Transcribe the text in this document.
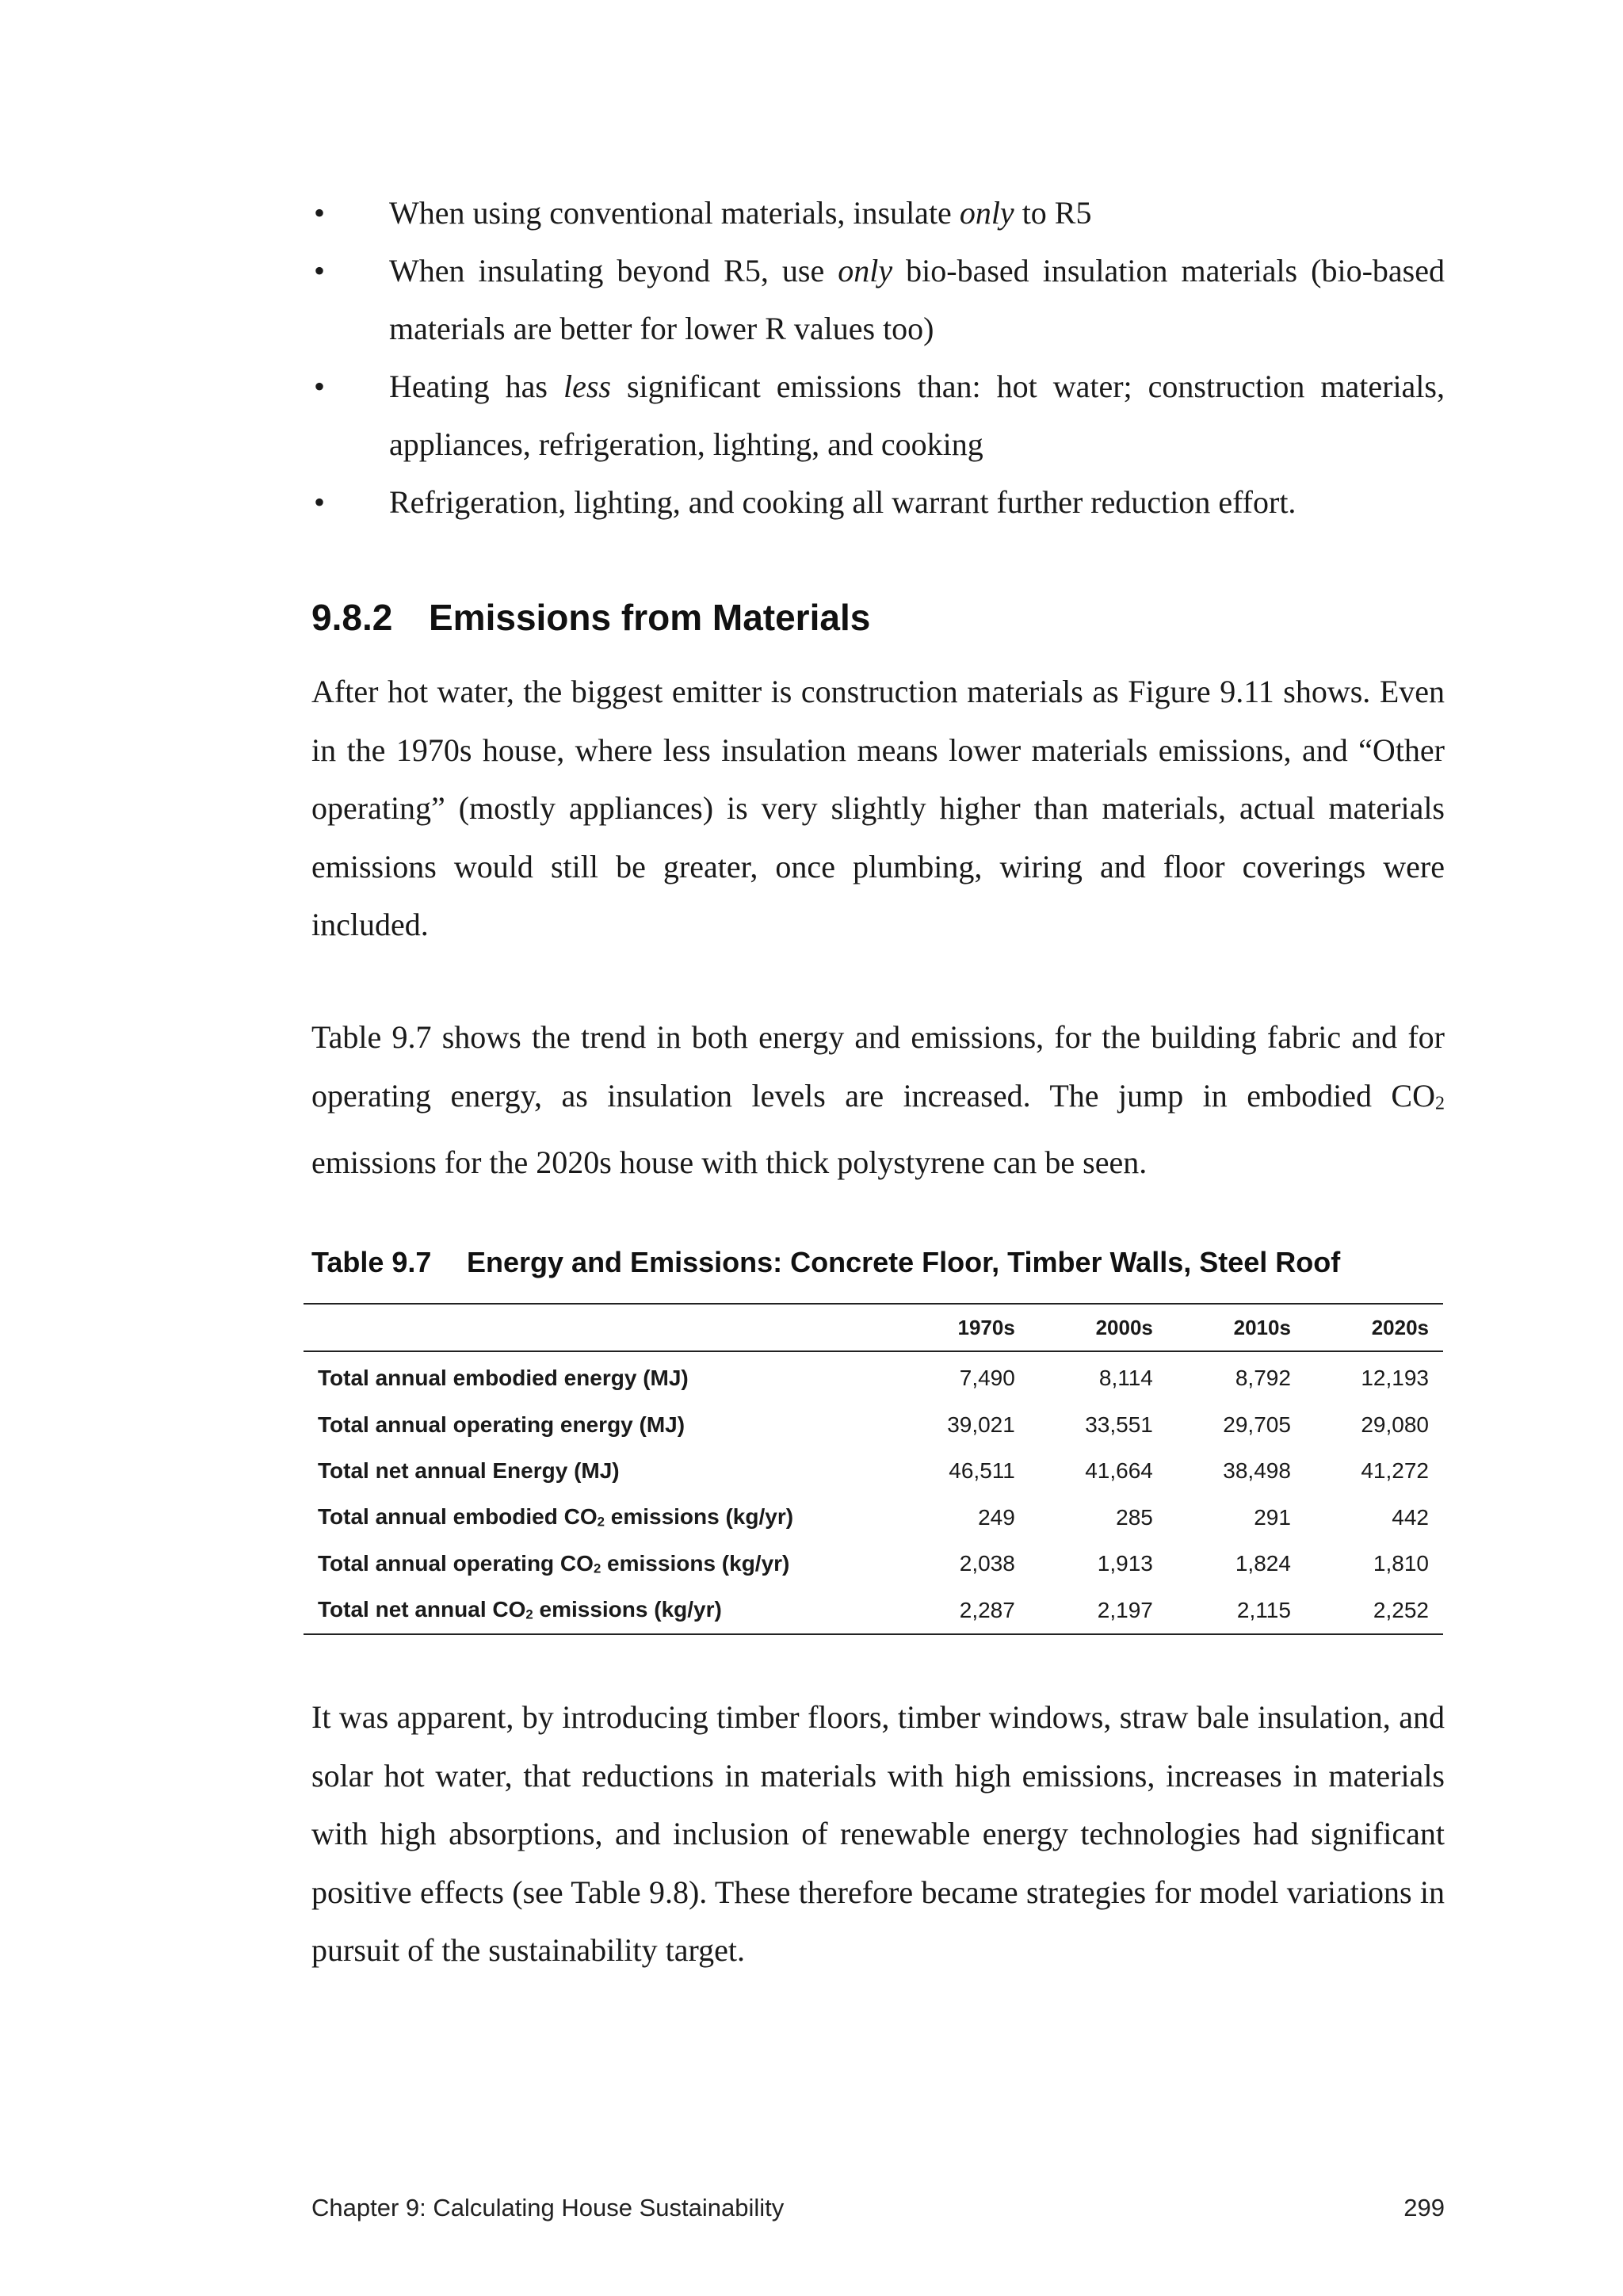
• When using conventional materials, insulate only to R5
• When insulating beyond R5, use only bio-based insulation materials (bio-based materials are better for lower R values too)
• Heating has less significant emissions than: hot water; construction materials, appliances, refrigeration, lighting, and cooking
• Refrigeration, lighting, and cooking all warrant further reduction effort.
9.8.2 Emissions from Materials

After hot water, the biggest emitter is construction materials as Figure 9.11 shows. Even in the 1970s house, where less insulation means lower materials emissions, and “Other operating” (mostly appliances) is very slightly higher than materials, actual materials emissions would still be greater, once plumbing, wiring and floor coverings were included.

Table 9.7 shows the trend in both energy and emissions, for the building fabric and for operating energy, as insulation levels are increased. The jump in embodied $CO_2$ emissions for the 2020s house with thick polystyrene can be seen.

Table 9.7 Energy and Emissions: Concrete Floor, Timber Walls, Steel Roof

	1970s	2000s	2010s	2020s
Total annual embodied energy (MJ)	7,490	8,114	8,792	12,193
Total annual operating energy (MJ)	39,021	33,551	29,705	29,080
Total net annual Energy (MJ)	46,511	41,664	38,498	41,272
Total annual embodied $CO_2$ emissions (kg/yr)	249	285	291	442
Total annual operating $CO_2$ emissions (kg/yr)	2,038	1,913	1,824	1,810
Total net annual $CO_2$ emissions (kg/yr)	2,287	2,197	2,115	2,252

It was apparent, by introducing timber floors, timber windows, straw bale insulation, and solar hot water, that reductions in materials with high emissions, increases in materials with high absorptions, and inclusion of renewable energy technologies had significant positive effects (see Table 9.8). These therefore became strategies for model variations in pursuit of the sustainability target.

Chapter 9: Calculating House Sustainability	299
